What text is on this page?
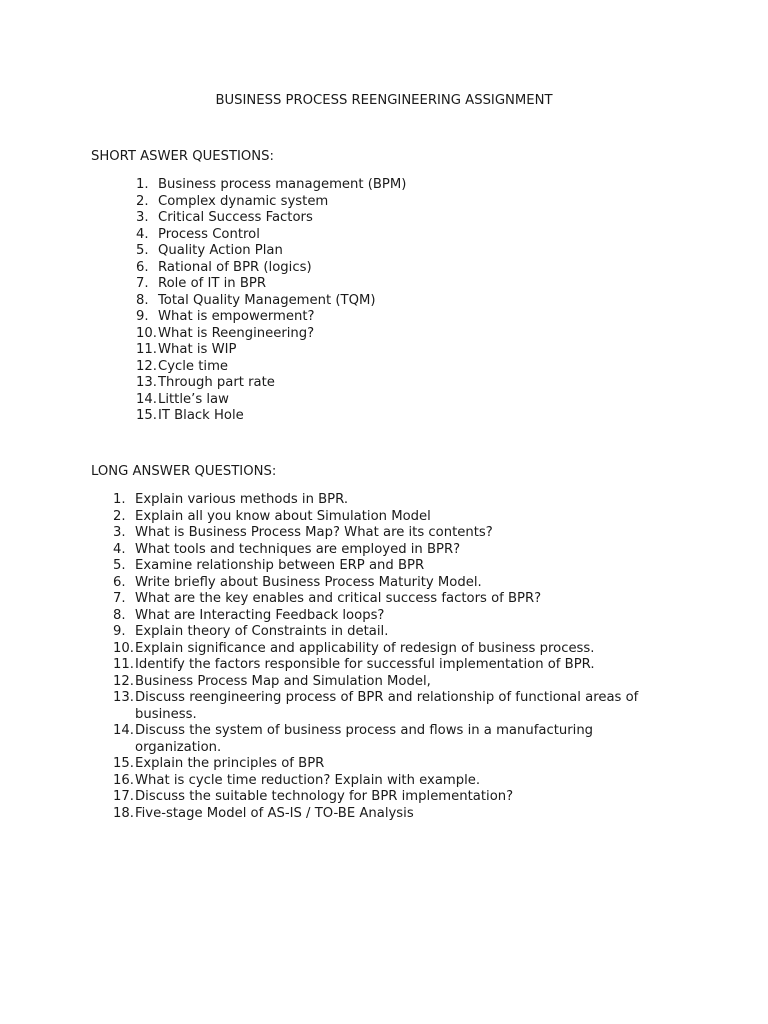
BUSINESS PROCESS REENGINEERING ASSIGNMENT
SHORT ASWER QUESTIONS:
1. Business process management (BPM)
2. Complex dynamic system
3. Critical Success Factors
4. Process Control
5. Quality Action Plan
6. Rational of BPR (logics)
7. Role of IT in BPR
8. Total Quality Management (TQM)
9. What is empowerment?
10.What is Reengineering?
11.What is WIP
12.Cycle time
13.Through part rate
14.Little’s law
15.IT Black Hole
LONG ANSWER QUESTIONS:
1. Explain various methods in BPR.
2. Explain all you know about Simulation Model
3. What is Business Process Map? What are its contents?
4. What tools and techniques are employed in BPR?
5. Examine relationship between ERP and BPR
6. Write briefly about Business Process Maturity Model.
7. What are the key enables and critical success factors of BPR?
8. What are Interacting Feedback loops?
9. Explain theory of Constraints in detail.
10.Explain significance and applicability of redesign of business process.
11.Identify the factors responsible for successful implementation of BPR.
12.Business Process Map and Simulation Model,
13.Discuss reengineering process of BPR and relationship of functional areas of business.
14.Discuss the system of business process and flows in a manufacturing organization.
15.Explain the principles of BPR
16.What is cycle time reduction? Explain with example.
17.Discuss the suitable technology for BPR implementation?
18.Five-stage Model of AS-IS / TO-BE Analysis
